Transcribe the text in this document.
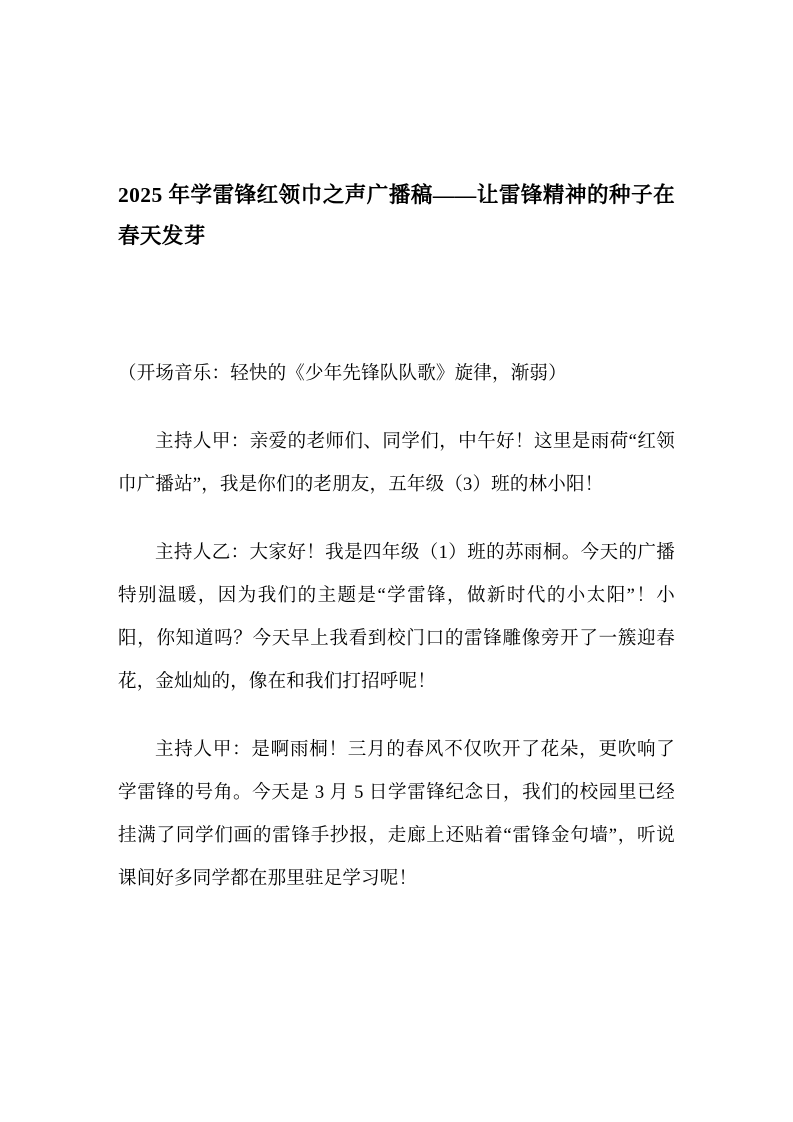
2025 年学雷锋红领巾之声广播稿——让雷锋精神的种子在春天发芽

（开场音乐：轻快的《少年先锋队队歌》旋律，渐弱）

主持人甲：亲爱的老师们、同学们，中午好！这里是雨荷“红领巾广播站”，我是你们的老朋友，五年级（3）班的林小阳！

主持人乙：大家好！我是四年级（1）班的苏雨桐。今天的广播特别温暖，因为我们的主题是“学雷锋，做新时代的小太阳”！小阳，你知道吗？今天早上我看到校门口的雷锋雕像旁开了一簇迎春花，金灿灿的，像在和我们打招呼呢！

主持人甲：是啊雨桐！三月的春风不仅吹开了花朵，更吹响了学雷锋的号角。今天是 3 月 5 日学雷锋纪念日，我们的校园里已经挂满了同学们画的雷锋手抄报，走廊上还贴着“雷锋金句墙”，听说课间好多同学都在那里驻足学习呢！
